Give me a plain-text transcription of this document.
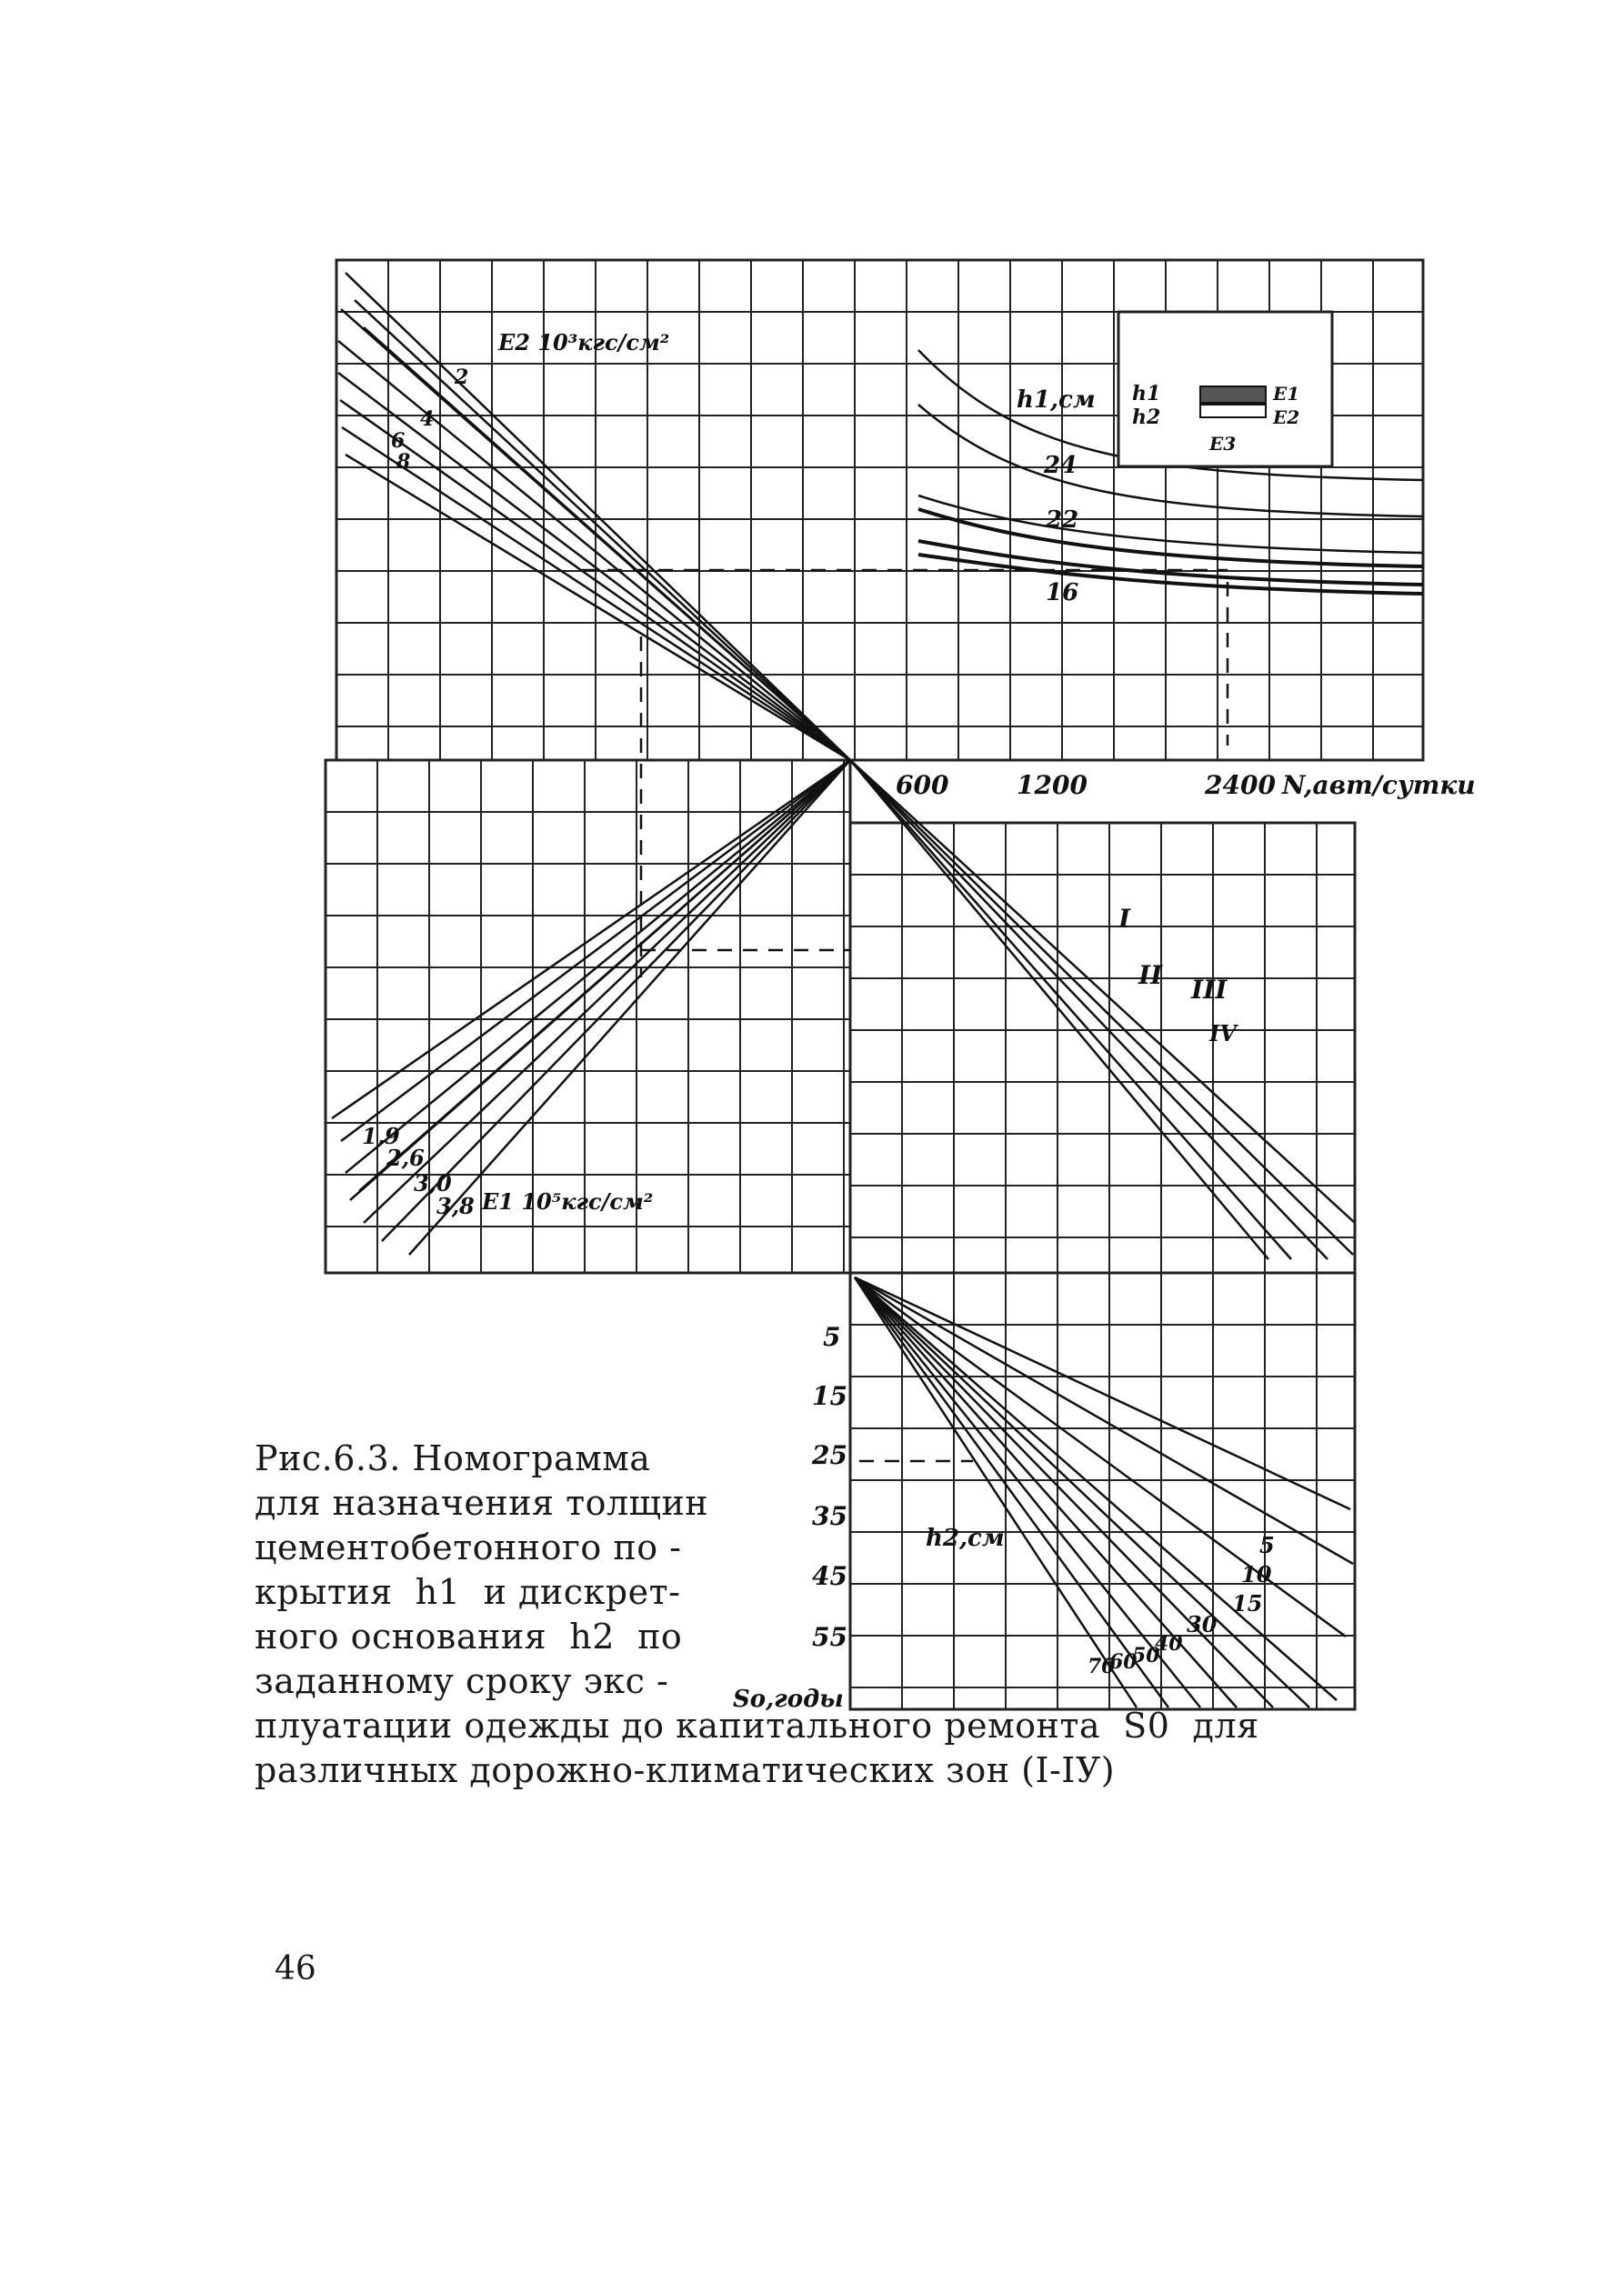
h1
h2
Е1
Е2
Е3
Е2 10³кгс/см²
2
4
6
8
h1,см
24
22
16
600	1200	2400 N,авт/сутки
Е1 10⁵кгс/см²
1,9
2,6
3,0
3,8
I
II III
IV
5
15
25
35
45
55
So,годы
h2,см	5
10
15
30
40
50
60
70
Рис.6.3. Номограмма
для назначения толщин
цементобетонного по -
крытия  h1  и дискрет-
ного основания  h2  по
заданному сроку экс -
плуатации одежды до капитального ремонта  S0  для
различных дорожно-климатических зон (I-IУ)
46
